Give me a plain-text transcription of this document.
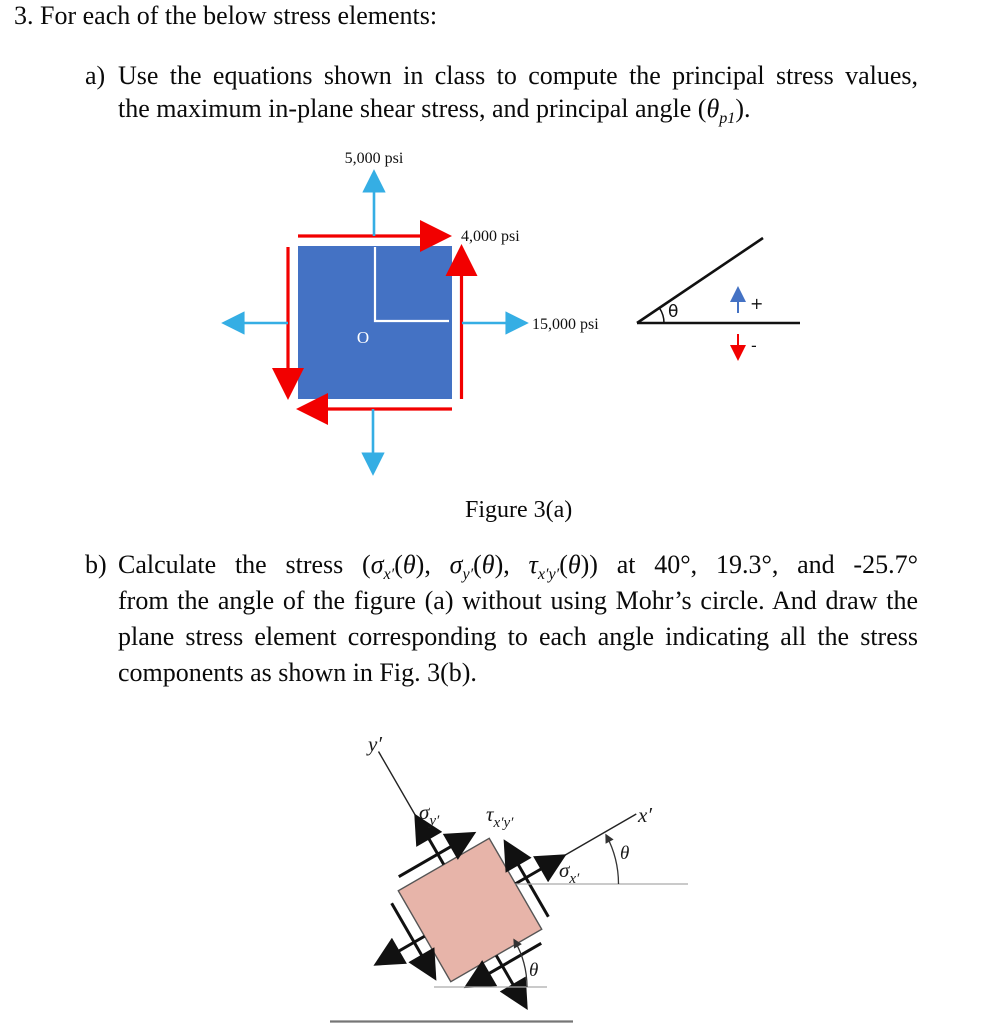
3. For each of the below stress elements:
a) Use the equations shown in class to compute the principal stress values,
the maximum in-plane shear stress, and principal angle $(\theta_{p1})$.
b) Calculate the stress ($\sigma_{x'}(\theta)$, $\sigma_{y'}(\theta)$, $\tau_{x'y'}(\theta)$) at 40°, 19.3°, and -25.7°
from the angle of the figure (a) without using Mohr’s circle. And draw the
plane stress element corresponding to each angle indicating all the stress
components as shown in Fig. 3(b).
Figure 3(a)
O
5,000 psi
4,000 psi
15,000 psi
θ	+
-
y′
x′
$\sigma_{y'}$ $\tau_{x'y'}$
$\sigma_{x'}$
θ
θ
